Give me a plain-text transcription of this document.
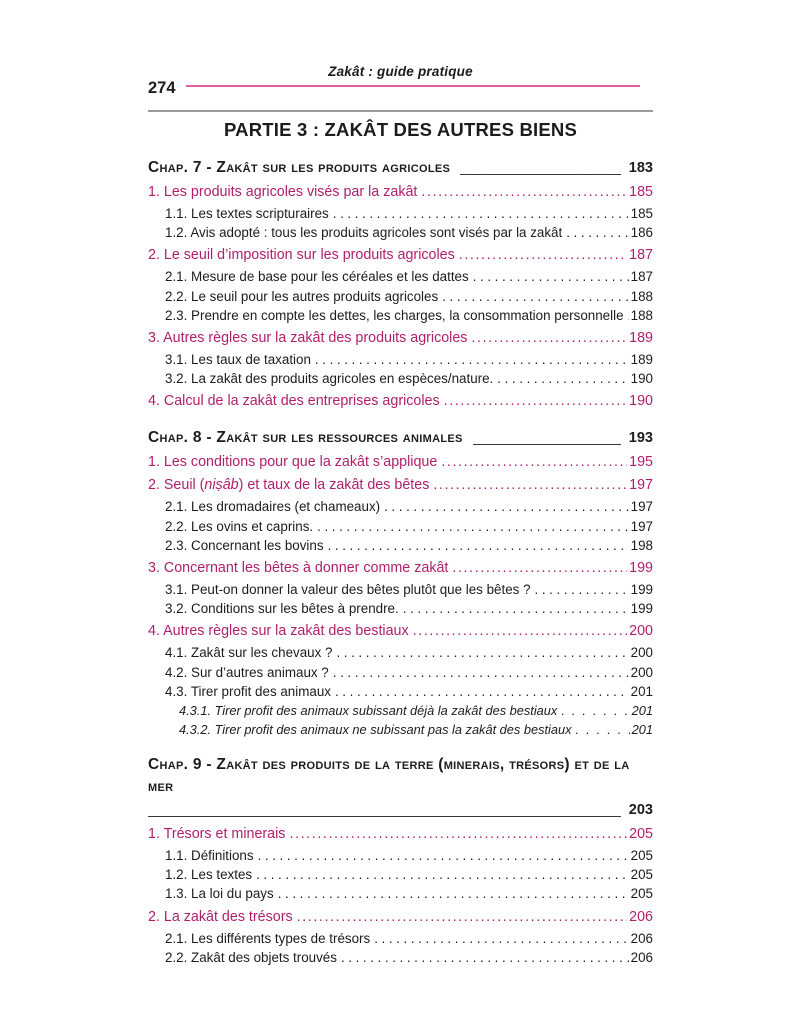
Zakât : guide pratique
274
PARTIE 3 : ZAKÂT DES AUTRES BIENS
Chap. 7 - Zakât sur les produits agricoles _____	183
1. Les produits agricoles visés par la zakât .....	185
1.1. Les textes scripturaires .....	185
1.2. Avis adopté : tous les produits agricoles sont visés par la zakât .....	186
2. Le seuil d’imposition sur les produits agricoles .....	187
2.1. Mesure de base pour les céréales et les dattes .....	187
2.2. Le seuil pour les autres produits agricoles .....	188
2.3. Prendre en compte les dettes, les charges, la consommation personnelle ..... 188
3. Autres règles sur la zakât des produits agricoles .....	189
3.1. Les taux de taxation .....	189
3.2. La zakât des produits agricoles en espèces/nature. .....	190
4. Calcul de la zakât des entreprises agricoles .....	190
Chap. 8 - Zakât sur les ressources animales _____	193
1. Les conditions pour que la zakât s’applique .....	195
2. Seuil (niṣâb) et taux de la zakât des bêtes .....	197
2.1. Les dromadaires (et chameaux) .....	197
2.2. Les ovins et caprins. .....	197
2.3. Concernant les bovins .....	198
3. Concernant les bêtes à donner comme zakât .....	199
3.1. Peut-on donner la valeur des bêtes plutôt que les bêtes ? .....	199
3.2. Conditions sur les bêtes à prendre. .....	199
4. Autres règles sur la zakât des bestiaux .....	200
4.1. Zakât sur les chevaux ? .....	200
4.2. Sur d’autres animaux ? .....	200
4.3. Tirer profit des animaux .....	201
4.3.1. Tirer profit des animaux subissant déjà la zakât des bestiaux .....	201
4.3.2. Tirer profit des animaux ne subissant pas la zakât des bestiaux .....	201
Chap. 9 - Zakât des produits de la terre (minerais, trésors) et de la mer
_____
203
1. Trésors et minerais .....	205
1.1. Définitions .....	205
1.2. Les textes .....	205
1.3. La loi du pays .....	205
2. La zakât des trésors .....	206
2.1. Les différents types de trésors .....	206
2.2. Zakât des objets trouvés .....	206
